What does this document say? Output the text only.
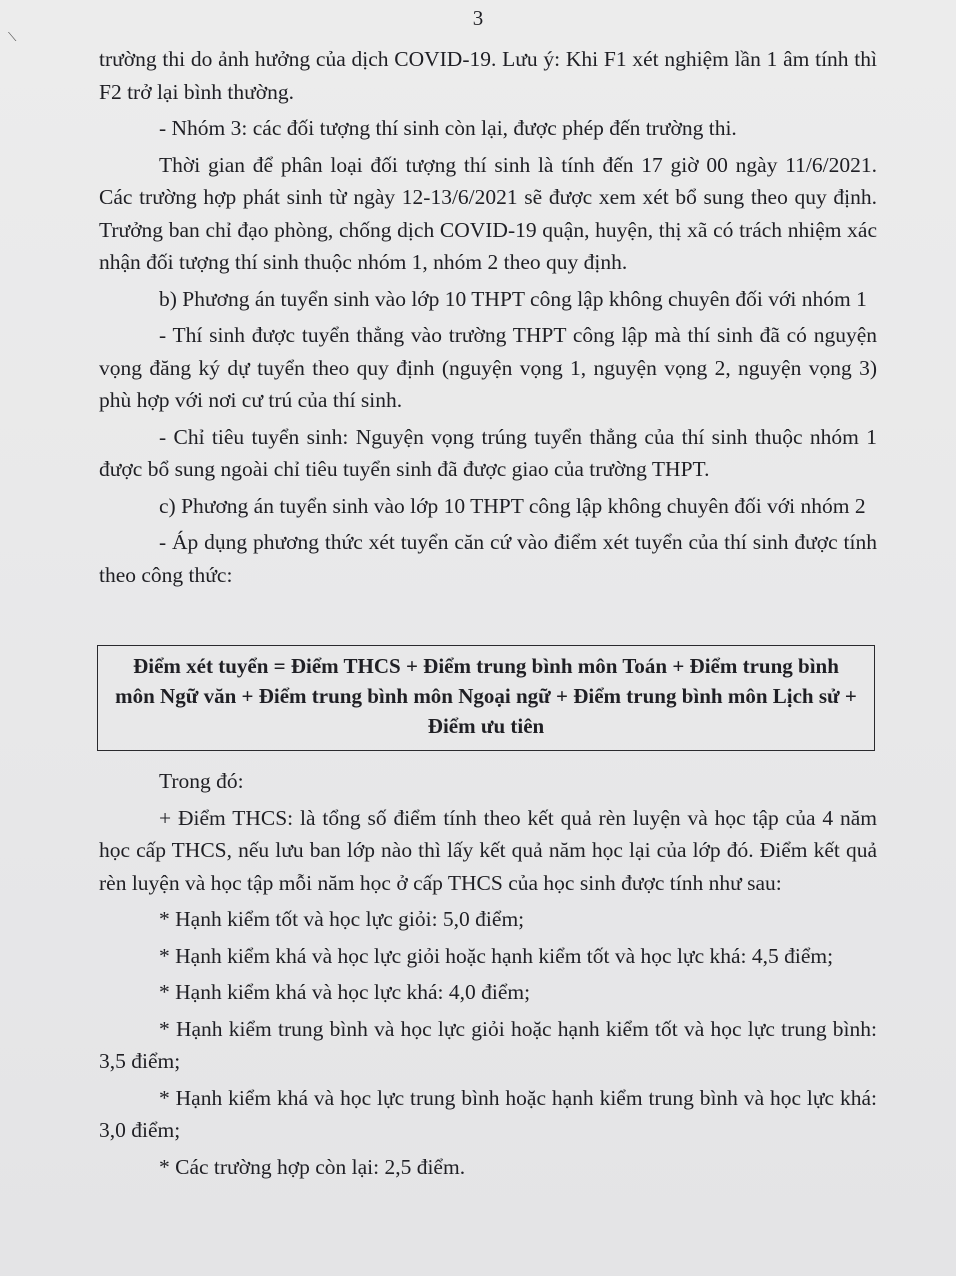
⟍
3

trường thi do ảnh hưởng của dịch COVID-19. Lưu ý: Khi F1 xét nghiệm lần 1 âm tính thì F2 trở lại bình thường.

- Nhóm 3: các đối tượng thí sinh còn lại, được phép đến trường thi.

Thời gian để phân loại đối tượng thí sinh là tính đến 17 giờ 00 ngày 11/6/2021. Các trường hợp phát sinh từ ngày 12-13/6/2021 sẽ được xem xét bổ sung theo quy định. Trưởng ban chỉ đạo phòng, chống dịch COVID-19 quận, huyện, thị xã có trách nhiệm xác nhận đối tượng thí sinh thuộc nhóm 1, nhóm 2 theo quy định.

b) Phương án tuyển sinh vào lớp 10 THPT công lập không chuyên đối với nhóm 1

- Thí sinh được tuyển thẳng vào trường THPT công lập mà thí sinh đã có nguyện vọng đăng ký dự tuyển theo quy định (nguyện vọng 1, nguyện vọng 2, nguyện vọng 3) phù hợp với nơi cư trú của thí sinh.

- Chỉ tiêu tuyển sinh: Nguyện vọng trúng tuyển thẳng của thí sinh thuộc nhóm 1 được bổ sung ngoài chỉ tiêu tuyển sinh đã được giao của trường THPT.

c) Phương án tuyển sinh vào lớp 10 THPT công lập không chuyên đối với nhóm 2

- Áp dụng phương thức xét tuyển căn cứ vào điểm xét tuyển của thí sinh được tính theo công thức:

Điểm xét tuyển = Điểm THCS + Điểm trung bình môn Toán + Điểm trung bình môn Ngữ văn + Điểm trung bình môn Ngoại ngữ + Điểm trung bình môn Lịch sử + Điểm ưu tiên

Trong đó:

+ Điểm THCS: là tổng số điểm tính theo kết quả rèn luyện và học tập của 4 năm học cấp THCS, nếu lưu ban lớp nào thì lấy kết quả năm học lại của lớp đó. Điểm kết quả rèn luyện và học tập mỗi năm học ở cấp THCS của học sinh được tính như sau:

* Hạnh kiểm tốt và học lực giỏi: 5,0 điểm;

* Hạnh kiểm khá và học lực giỏi hoặc hạnh kiểm tốt và học lực khá: 4,5 điểm;

* Hạnh kiểm khá và học lực khá: 4,0 điểm;

* Hạnh kiểm trung bình và học lực giỏi hoặc hạnh kiểm tốt và học lực trung bình: 3,5 điểm;

* Hạnh kiểm khá và học lực trung bình hoặc hạnh kiểm trung bình và học lực khá: 3,0 điểm;

* Các trường hợp còn lại: 2,5 điểm.
